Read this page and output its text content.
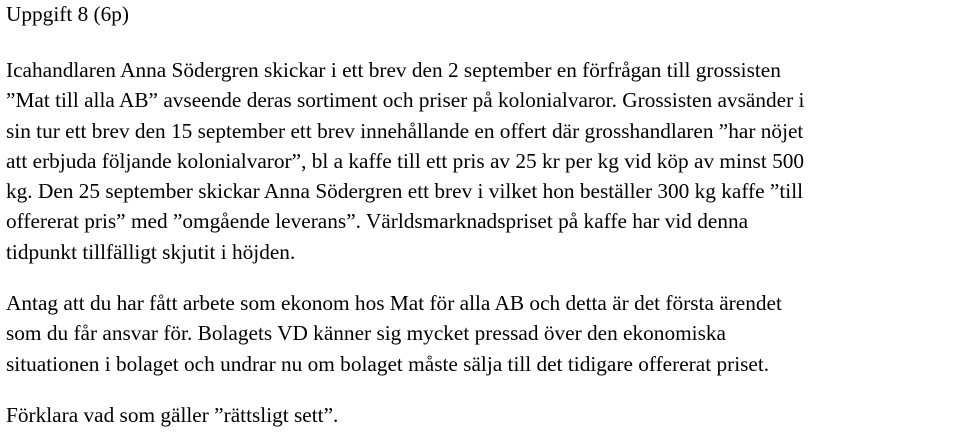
Uppgift 8 (6p)
Icahandlaren Anna Södergren skickar i ett brev den 2 september en förfrågan till grossisten
”Mat till alla AB” avseende deras sortiment och priser på kolonialvaror. Grossisten avsänder i
sin tur ett brev den 15 september ett brev innehållande en offert där grosshandlaren ”har nöjet
att erbjuda följande kolonialvaror”, bl a kaffe till ett pris av 25 kr per kg vid köp av minst 500
kg. Den 25 september skickar Anna Södergren ett brev i vilket hon beställer 300 kg kaffe ”till
offererat pris” med ”omgående leverans”. Världsmarknadspriset på kaffe har vid denna
tidpunkt tillfälligt skjutit i höjden.
Antag att du har fått arbete som ekonom hos Mat för alla AB och detta är det första ärendet
som du får ansvar för. Bolagets VD känner sig mycket pressad över den ekonomiska
situationen i bolaget och undrar nu om bolaget måste sälja till det tidigare offererat priset.
Förklara vad som gäller ”rättsligt sett”.
